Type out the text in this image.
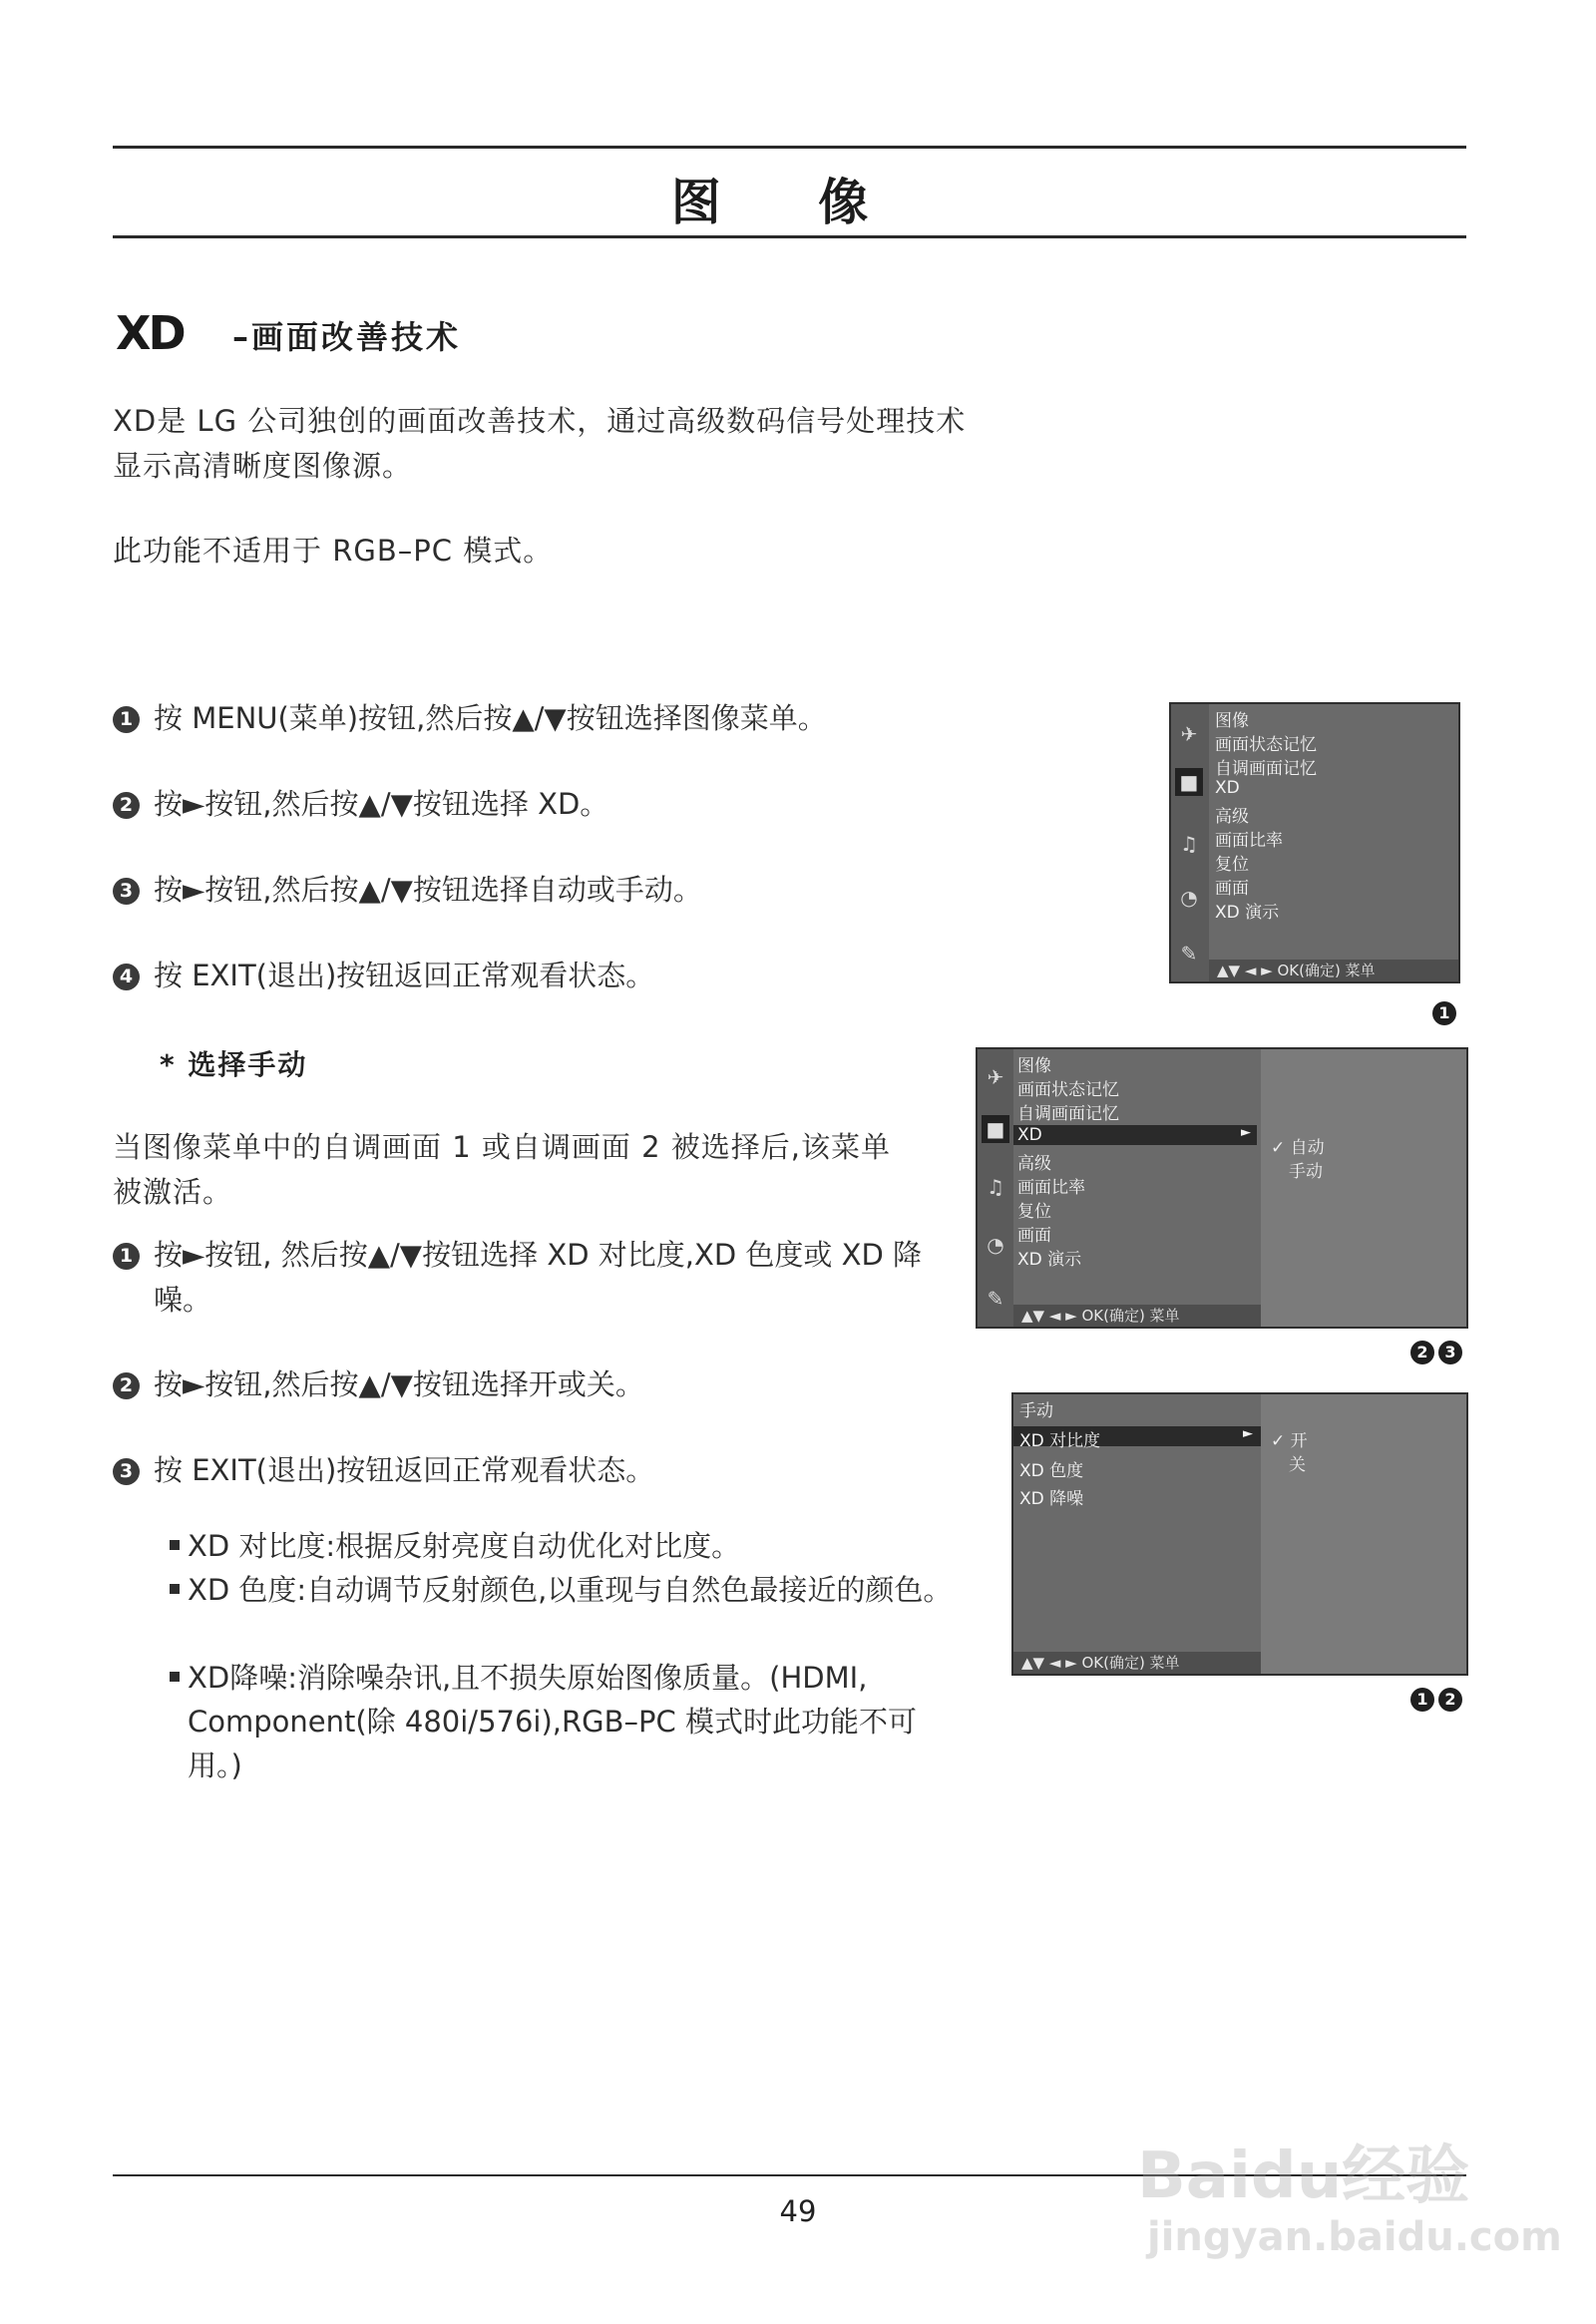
图 像
XD –画面改善技术

XD是 LG 公司独创的画面改善技术，通过高级数码信号处理技术显示高清晰度图像源。

此功能不适用于 RGB–PC 模式。

1 按 MENU(菜单)按钮,然后按▲/▼按钮选择图像菜单。
2 按►按钮,然后按▲/▼按钮选择 XD。
3 按►按钮,然后按▲/▼按钮选择自动或手动。
4 按 EXIT(退出)按钮返回正常观看状态。
* 选择手动

当图像菜单中的自调画面 1 或自调画面 2 被选择后,该菜单被激活。

1 按►按钮, 然后按▲/▼按钮选择 XD 对比度,XD 色度或 XD 降噪。
2 按►按钮,然后按▲/▼按钮选择开或关。
3 按 EXIT(退出)按钮返回正常观看状态。
XD 对比度:根据反射亮度自动优化对比度。
XD 色度:自动调节反射颜色,以重现与自然色最接近的颜色。
XD降噪:消除噪杂讯,且不损失原始图像质量。(HDMI, Component(除 480i/576i),RGB–PC 模式时此功能不可用。)
✈
■
♫
◔
✎
图像
画面状态记忆
自调画面记忆
XD
高级
画面比率
复位
画面
XD 演示
▲▼ ◄ ► OK(确定) 菜单
1
✈
■
♫
◔
✎
图像
画面状态记忆
自调画面记忆
XD	►
高级
画面比率
复位
画面
XD 演示
✓ 自动
手动
▲▼ ◄ ► OK(确定) 菜单
2	3
手动
XD 对比度	►
XD 色度
XD 降噪
✓ 开
关
▲▼ ◄ ► OK(确定) 菜单
1	2
49	Baidu经验
jingyan.baidu.com
